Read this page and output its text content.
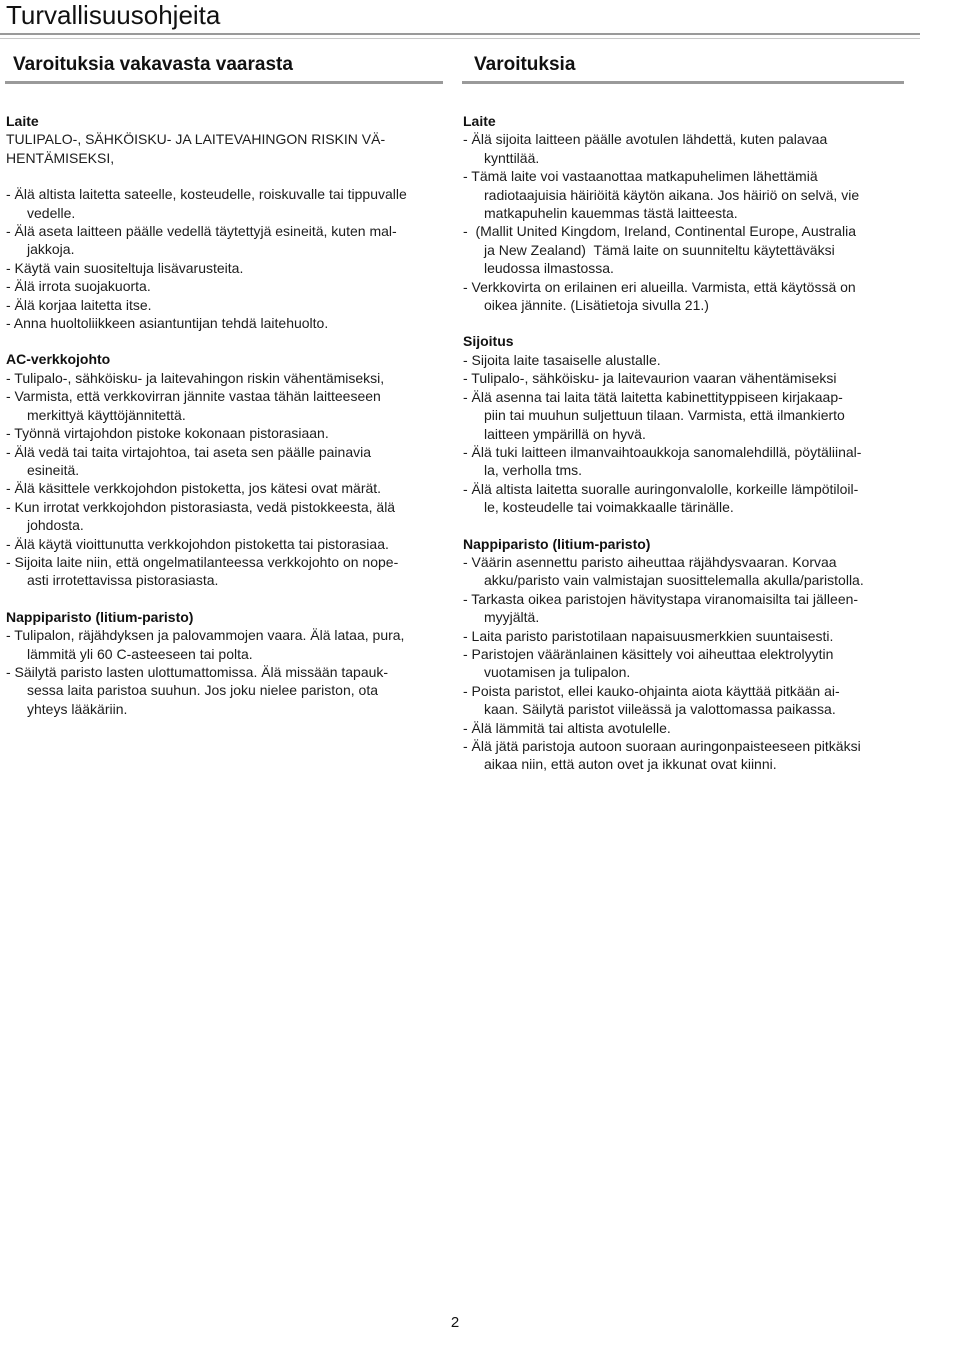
Turvallisuusohjeita
Varoituksia vakavasta vaarasta	Varoituksia
Laite
TULIPALO-, SÄHKÖISKU- JA LAITEVAHINGON RISKIN VÄ-
HENTÄMISEKSI,
- Älä altista laitetta sateelle, kosteudelle, roiskuvalle tai tippuvalle
vedelle.
- Älä aseta laitteen päälle vedellä täytettyjä esineitä, kuten mal-
jakkoja.
- Käytä vain suositeltuja lisävarusteita.
- Älä irrota suojakuorta.
- Älä korjaa laitetta itse.
- Anna huoltoliikkeen asiantuntijan tehdä laitehuolto.
AC-verkkojohto
- Tulipalo-, sähköisku- ja laitevahingon riskin vähentämiseksi,
- Varmista, että verkkovirran jännite vastaa tähän laitteeseen
merkittyä käyttöjännitettä.
- Työnnä virtajohdon pistoke kokonaan pistorasiaan.
- Älä vedä tai taita virtajohtoa, tai aseta sen päälle painavia
esineitä.
- Älä käsittele verkkojohdon pistoketta, jos kätesi ovat märät.
- Kun irrotat verkkojohdon pistorasiasta, vedä pistokkeesta, älä
johdosta.
- Älä käytä vioittunutta verkkojohdon pistoketta tai pistorasiaa.
- Sijoita laite niin, että ongelmatilanteessa verkkojohto on nope-
asti irrotettavissa pistorasiasta.
Nappiparisto (litium-paristo)
- Tulipalon, räjähdyksen ja palovammojen vaara. Älä lataa, pura,
lämmitä yli 60 C-asteeseen tai polta.
- Säilytä paristo lasten ulottumattomissa. Älä missään tapauk-
sessa laita paristoa suuhun. Jos joku nielee pariston, ota
yhteys lääkäriin.
Laite
- Älä sijoita laitteen päälle avotulen lähdettä, kuten palavaa
kynttilää.
- Tämä laite voi vastaanottaa matkapuhelimen lähettämiä
radiotaajuisia häiriöitä käytön aikana. Jos häiriö on selvä, vie
matkapuhelin kauemmas tästä laitteesta.
-  (Mallit United Kingdom, Ireland, Continental Europe, Australia
ja New Zealand)  Tämä laite on suunniteltu käytettäväksi
leudossa ilmastossa.
- Verkkovirta on erilainen eri alueilla. Varmista, että käytössä on
oikea jännite. (Lisätietoja sivulla 21.)
Sijoitus
- Sijoita laite tasaiselle alustalle.
- Tulipalo-, sähköisku- ja laitevaurion vaaran vähentämiseksi
- Älä asenna tai laita tätä laitetta kabinettityppiseen kirjakaap-
piin tai muuhun suljettuun tilaan. Varmista, että ilmankierto
laitteen ympärillä on hyvä.
- Älä tuki laitteen ilmanvaihtoaukkoja sanomalehdillä, pöytäliinal-
la, verholla tms.
- Älä altista laitetta suoralle auringonvalolle, korkeille lämpötiloil-
le, kosteudelle tai voimakkaalle tärinälle.
Nappiparisto (litium-paristo)
- Väärin asennettu paristo aiheuttaa räjähdysvaaran. Korvaa
akku/paristo vain valmistajan suosittelemalla akulla/paristolla.
- Tarkasta oikea paristojen hävitystapa viranomaisilta tai jälleen-
myyjältä.
- Laita paristo paristotilaan napaisuusmerkkien suuntaisesti.
- Paristojen vääränlainen käsittely voi aiheuttaa elektrolyytin
vuotamisen ja tulipalon.
- Poista paristot, ellei kauko-ohjainta aiota käyttää pitkään ai-
kaan. Säilytä paristot viileässä ja valottomassa paikassa.
- Älä lämmitä tai altista avotulelle.
- Älä jätä paristoja autoon suoraan auringonpaisteeseen pitkäksi
aikaa niin, että auton ovet ja ikkunat ovat kiinni.
2
